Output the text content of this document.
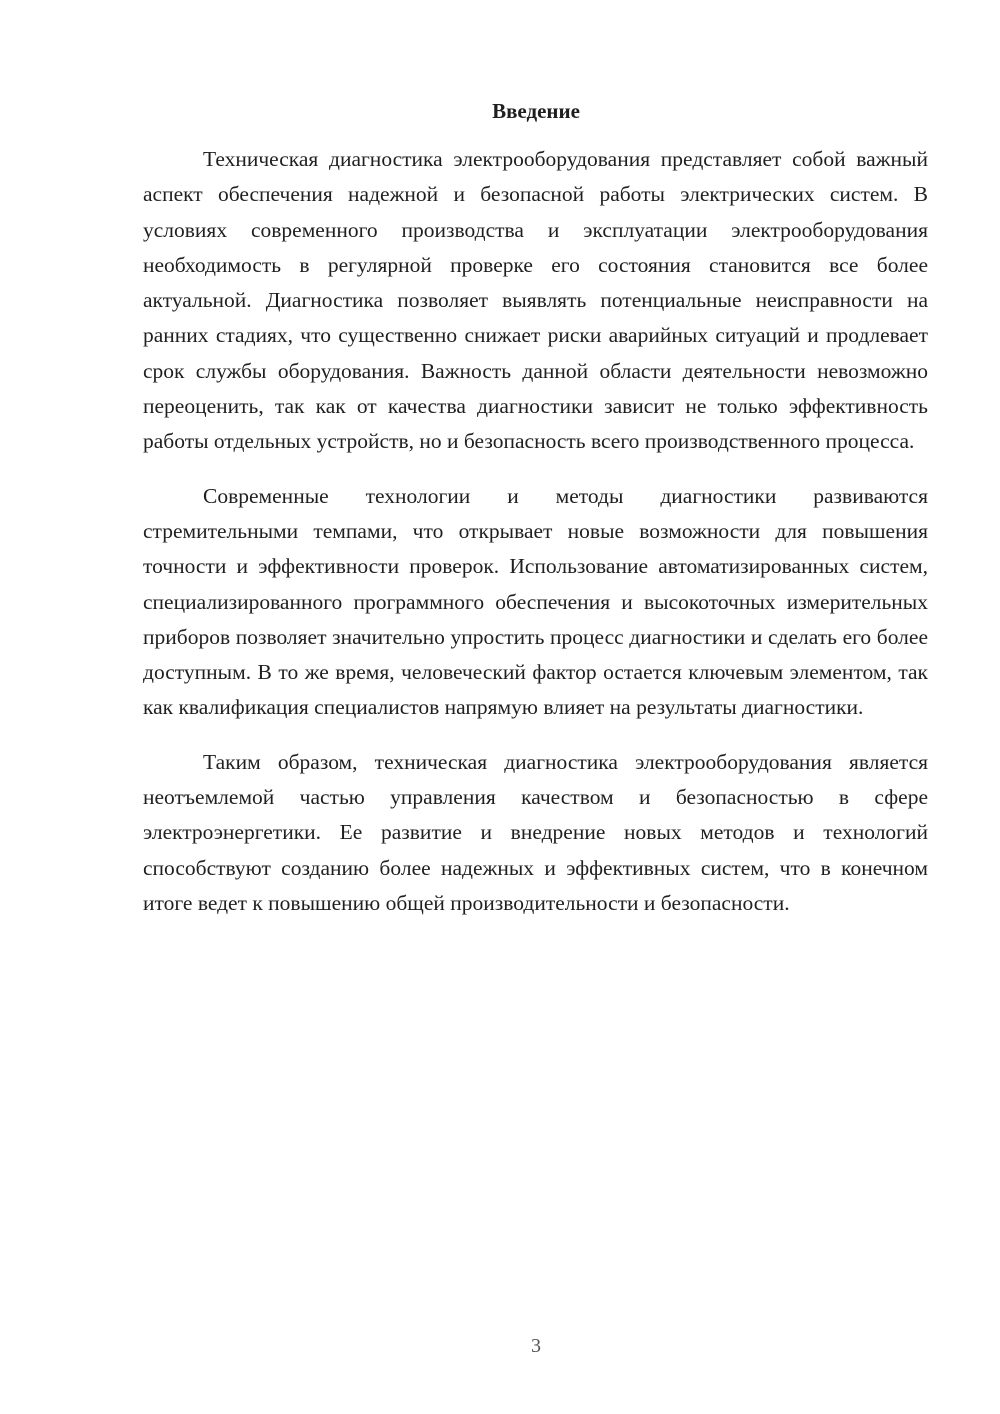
Введение

Техническая диагностика электрооборудования представляет собой важный аспект обеспечения надежной и безопасной работы электрических систем. В условиях современного производства и эксплуатации электрооборудования необходимость в регулярной проверке его состояния становится все более актуальной. Диагностика позволяет выявлять потенциальные неисправности на ранних стадиях, что существенно снижает риски аварийных ситуаций и продлевает срок службы оборудования. Важность данной области деятельности невозможно переоценить, так как от качества диагностики зависит не только эффективность работы отдельных устройств, но и безопасность всего производственного процесса.

Современные технологии и методы диагностики развиваются стремительными темпами, что открывает новые возможности для повышения точности и эффективности проверок. Использование автоматизированных систем, специализированного программного обеспечения и высокоточных измерительных приборов позволяет значительно упростить процесс диагностики и сделать его более доступным. В то же время, человеческий фактор остается ключевым элементом, так как квалификация специалистов напрямую влияет на результаты диагностики.

Таким образом, техническая диагностика электрооборудования является неотъемлемой частью управления качеством и безопасностью в сфере электроэнергетики. Ее развитие и внедрение новых методов и технологий способствуют созданию более надежных и эффективных систем, что в конечном итоге ведет к повышению общей производительности и безопасности.

3
